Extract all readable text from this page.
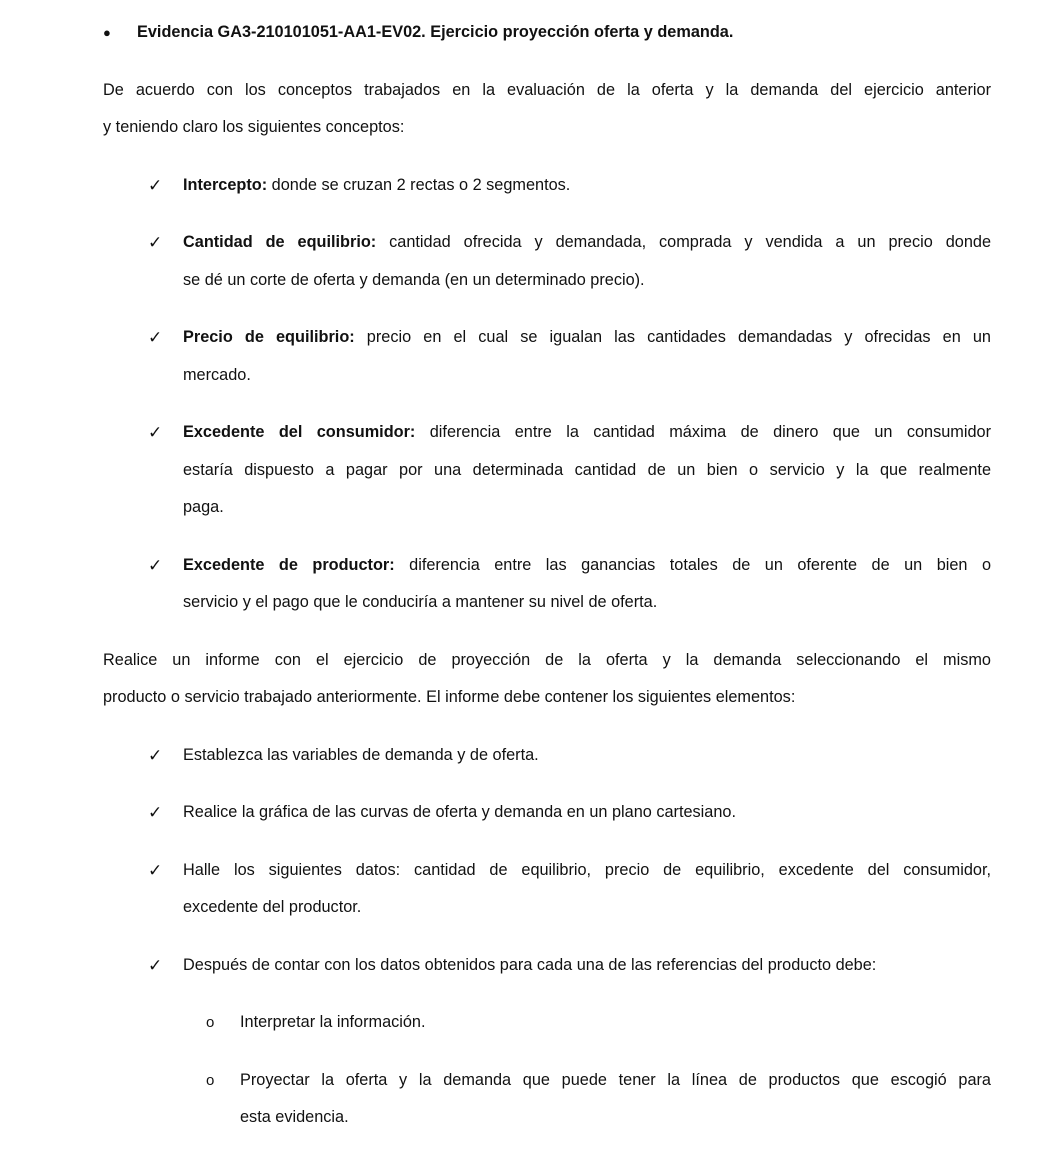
● Evidencia GA3-210101051-AA1-EV02. Ejercicio proyección oferta y demanda.
De acuerdo con los conceptos trabajados en la evaluación de la oferta y la demanda del ejercicio anterior
y teniendo claro los siguientes conceptos:
✓ Intercepto: donde se cruzan 2 rectas o 2 segmentos.
✓ Cantidad de equilibrio: cantidad ofrecida y demandada, comprada y vendida a un precio donde
se dé un corte de oferta y demanda (en un determinado precio).
✓ Precio de equilibrio: precio en el cual se igualan las cantidades demandadas y ofrecidas en un
mercado.
✓ Excedente del consumidor: diferencia entre la cantidad máxima de dinero que un consumidor
estaría dispuesto a pagar por una determinada cantidad de un bien o servicio y la que realmente
paga.
✓ Excedente de productor: diferencia entre las ganancias totales de un oferente de un bien o
servicio y el pago que le conduciría a mantener su nivel de oferta.
Realice un informe con el ejercicio de proyección de la oferta y la demanda seleccionando el mismo
producto o servicio trabajado anteriormente. El informe debe contener los siguientes elementos:
✓ Establezca las variables de demanda y de oferta.
✓ Realice la gráfica de las curvas de oferta y demanda en un plano cartesiano.
✓ Halle los siguientes datos: cantidad de equilibrio, precio de equilibrio, excedente del consumidor,
excedente del productor.
✓ Después de contar con los datos obtenidos para cada una de las referencias del producto debe:
o Interpretar la información.
o Proyectar la oferta y la demanda que puede tener la línea de productos que escogió para
esta evidencia.
